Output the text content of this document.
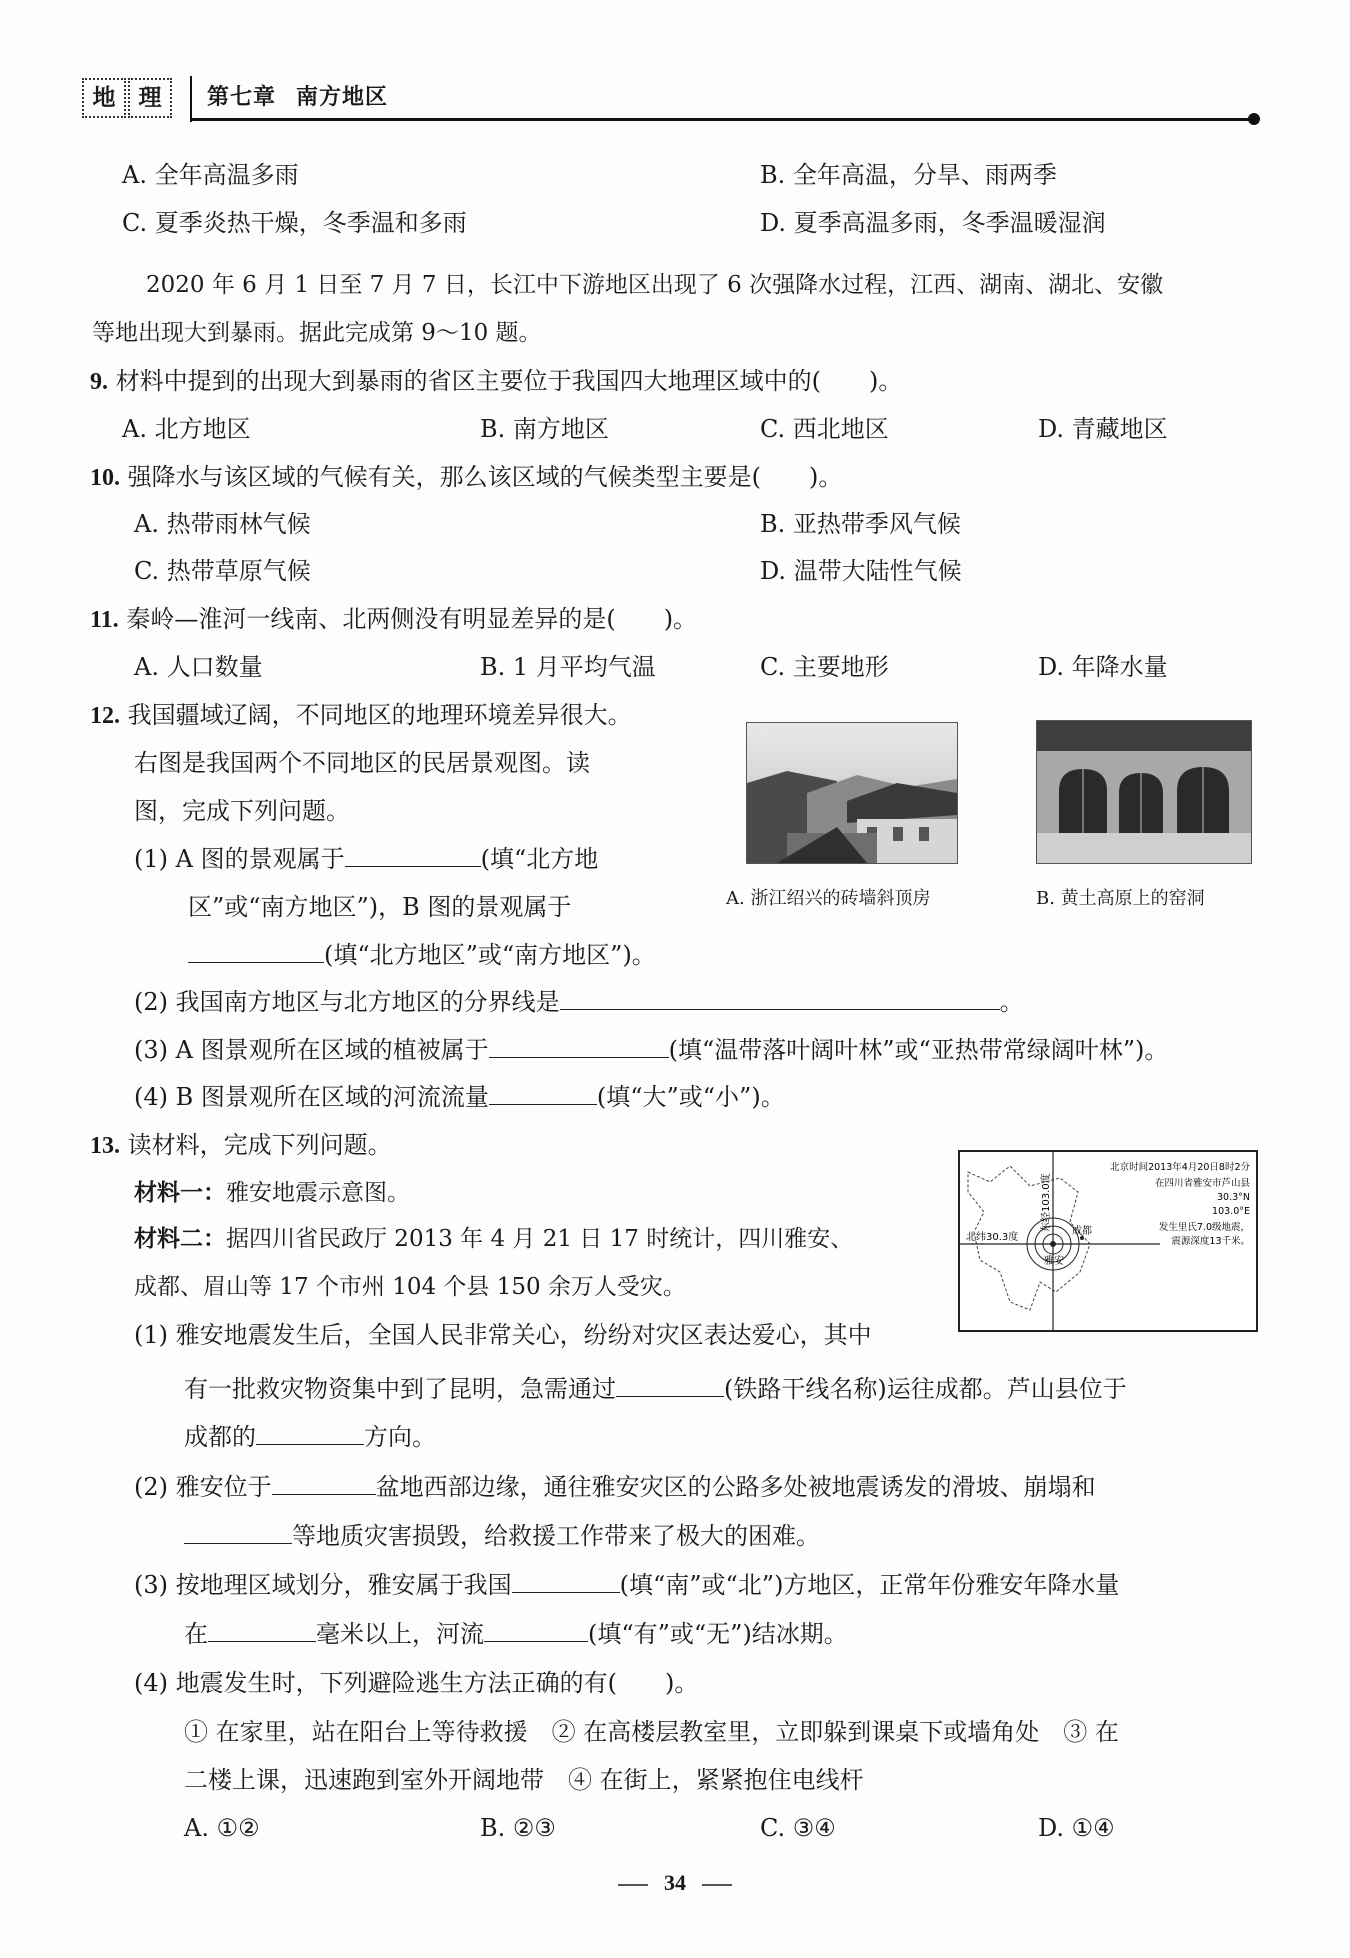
地	理	第七章 南方地区
A. 全年高温多雨	B. 全年高温，分旱、雨两季
C. 夏季炎热干燥，冬季温和多雨	D. 夏季高温多雨，冬季温暖湿润
2020 年 6 月 1 日至 7 月 7 日，长江中下游地区出现了 6 次强降水过程，江西、湖南、湖北、安徽
等地出现大到暴雨。据此完成第 9～10 题。
9. 材料中提到的出现大到暴雨的省区主要位于我国四大地理区域中的(　　)。
A. 北方地区	B. 南方地区	C. 西北地区	D. 青藏地区
10. 强降水与该区域的气候有关，那么该区域的气候类型主要是(　　)。
A. 热带雨林气候	B. 亚热带季风气候
C. 热带草原气候	D. 温带大陆性气候
11. 秦岭—淮河一线南、北两侧没有明显差异的是(　　)。
A. 人口数量	B. 1 月平均气温	C. 主要地形	D. 年降水量
12. 我国疆域辽阔，不同地区的地理环境差异很大。
右图是我国两个不同地区的民居景观图。读
图，完成下列问题。
(1) A 图的景观属于	(填“北方地
区”或“南方地区”)，B 图的景观属于
(填“北方地区”或“南方地区”)。
(2) 我国南方地区与北方地区的分界线是	。
(3) A 图景观所在区域的植被属于	(填“温带落叶阔叶林”或“亚热带常绿阔叶林”)。
(4) B 图景观所在区域的河流流量	(填“大”或“小”)。
A. 浙江绍兴的砖墙斜顶房	B. 黄土高原上的窑洞
13. 读材料，完成下列问题。
材料一：雅安地震示意图。
材料二：据四川省民政厅 2013 年 4 月 21 日 17 时统计，四川雅安、
成都、眉山等 17 个市州 104 个县 150 余万人受灾。
北纬30.3度
东经103.0度 成都
雅安
北京时间2013年4月20日8时2分
在四川省雅安市芦山县
30.3°N
103.0°E
发生里氏7.0级地震，
震源深度13千米。
(1) 雅安地震发生后，全国人民非常关心，纷纷对灾区表达爱心，其中
有一批救灾物资集中到了昆明，急需通过	(铁路干线名称)运往成都。芦山县位于
成都的	方向。
(2) 雅安位于	盆地西部边缘，通往雅安灾区的公路多处被地震诱发的滑坡、崩塌和
等地质灾害损毁，给救援工作带来了极大的困难。
(3) 按地理区域划分，雅安属于我国	(填“南”或“北”)方地区，正常年份雅安年降水量
在	毫米以上，河流	(填“有”或“无”)结冰期。
(4) 地震发生时，下列避险逃生方法正确的有(　　)。
① 在家里，站在阳台上等待救援　② 在高楼层教室里，立即躲到课桌下或墙角处　③ 在
二楼上课，迅速跑到室外开阔地带　④ 在街上，紧紧抱住电线杆
A. ①②	B. ②③	C. ③④	D. ①④
34
